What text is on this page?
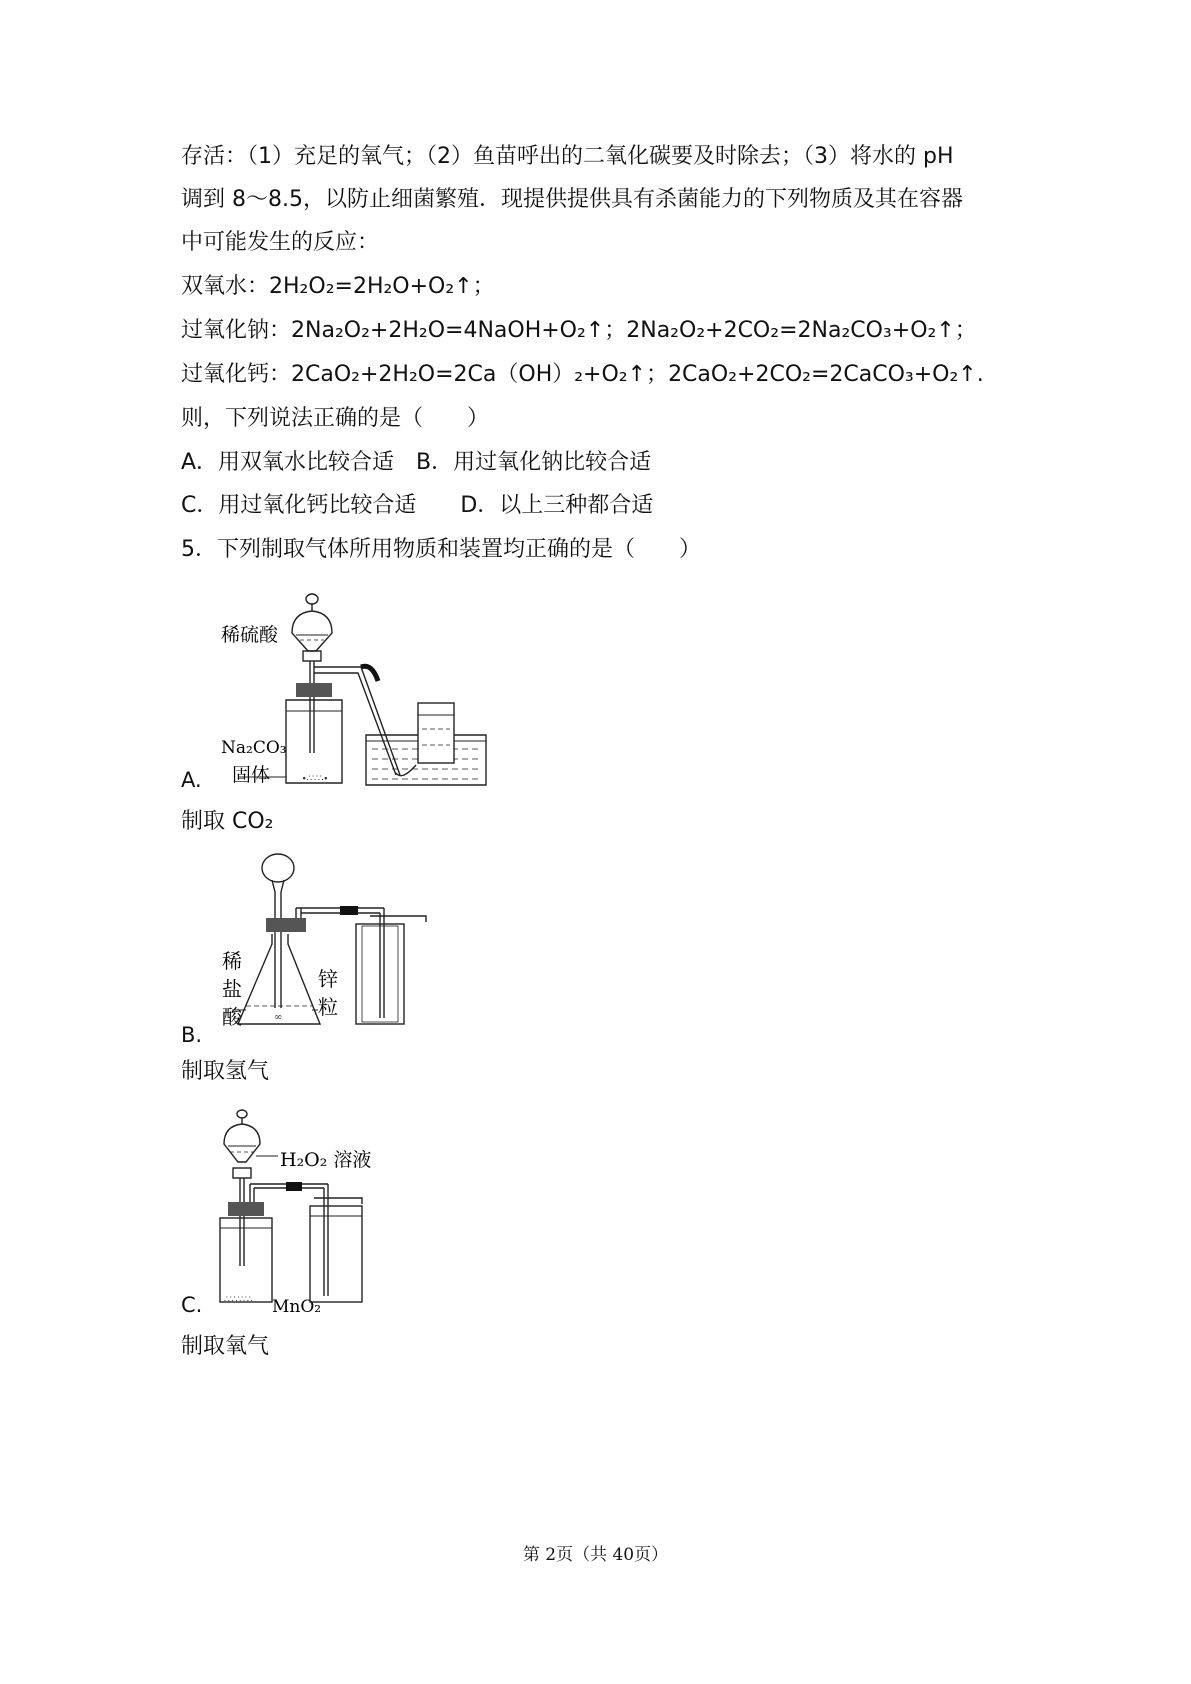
存活：（1）充足的氧气；（2）鱼苗呼出的二氧化碳要及时除去；（3）将水的 pH
调到 8～8.5，以防止细菌繁殖．现提供提供具有杀菌能力的下列物质及其在容器
中可能发生的反应：
双氧水：2H₂O₂=2H₂O+O₂↑；
过氧化钠：2Na₂O₂+2H₂O=4NaOH+O₂↑；2Na₂O₂+2CO₂=2Na₂CO₃+O₂↑；
过氧化钙：2CaO₂+2H₂O=2Ca（OH）₂+O₂↑；2CaO₂+2CO₂=2CaCO₃+O₂↑.
则，下列说法正确的是（　　）
A．用双氧水比较合适　B．用过氧化钠比较合适
C．用过氧化钙比较合适　　D．以上三种都合适
5．下列制取气体所用物质和装置均正确的是（　　）
A.
稀硫酸
Na₂CO₃
固体	∙∴∵∴∙
制取 CO₂
B.
稀
盐
酸
锌
粒
∞
制取氢气
C.
H₂O₂ 溶液
MnO₂
∴∵∴∵∴
制取氧气
第 2页（共 40页）
